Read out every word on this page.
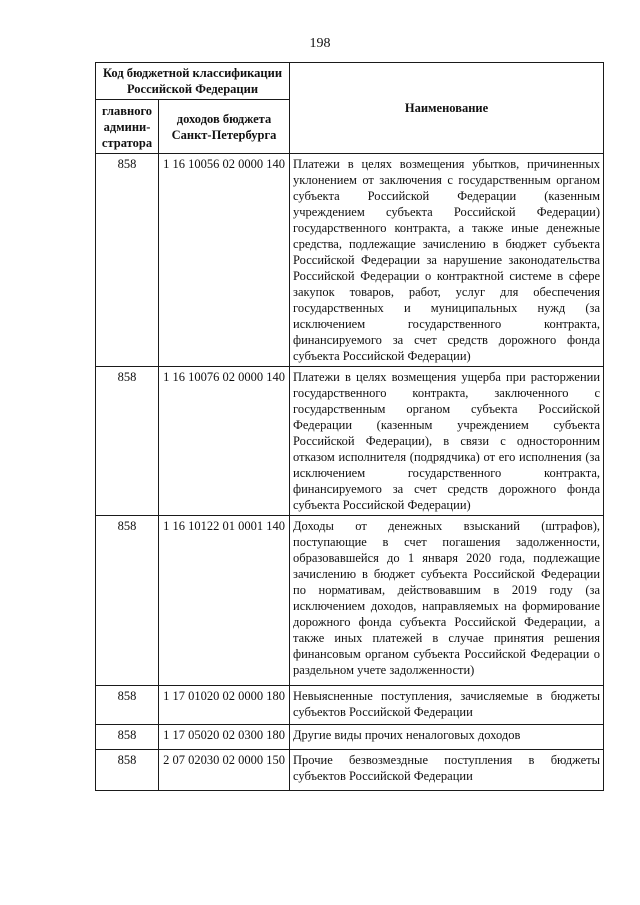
198
Код бюджетной классификации Российской Федерации		Наименование
главного админи-стратора	доходов бюджета Санкт-Петербурга	
858	1 16 10056 02 0000 140	Платежи в целях возмещения убытков, причиненных уклонением от заключения с государственным органом субъекта Российской Федерации (казенным учреждением субъекта Российской Федерации) государственного контракта, а также иные денежные средства, подлежащие зачислению в бюджет субъекта Российской Федерации за нарушение законодательства Российской Федерации о контрактной системе в сфере закупок товаров, работ, услуг для обеспечения государственных и муниципальных нужд (за исключением государственного контракта, финансируемого за счет средств дорожного фонда субъекта Российской Федерации)
858	1 16 10076 02 0000 140	Платежи в целях возмещения ущерба при расторжении государственного контракта, заключенного с государственным органом субъекта Российской Федерации (казенным учреждением субъекта Российской Федерации), в связи с односторонним отказом исполнителя (подрядчика) от его исполнения (за исключением государственного контракта, финансируемого за счет средств дорожного фонда субъекта Российской Федерации)
858	1 16 10122 01 0001 140	Доходы от денежных взысканий (штрафов), поступающие в счет погашения задолженности, образовавшейся до 1 января 2020 года, подлежащие зачислению в бюджет субъекта Российской Федерации по нормативам, действовавшим в 2019 году (за исключением доходов, направляемых на формирование дорожного фонда субъекта Российской Федерации, а также иных платежей в случае принятия решения финансовым органом субъекта Российской Федерации о раздельном учете задолженности)
858	1 17 01020 02 0000 180	Невыясненные поступления, зачисляемые в бюджеты субъектов Российской Федерации
858	1 17 05020 02 0300 180	Другие виды прочих неналоговых доходов
858	2 07 02030 02 0000 150	Прочие безвозмездные поступления в бюджеты субъектов Российской Федерации
